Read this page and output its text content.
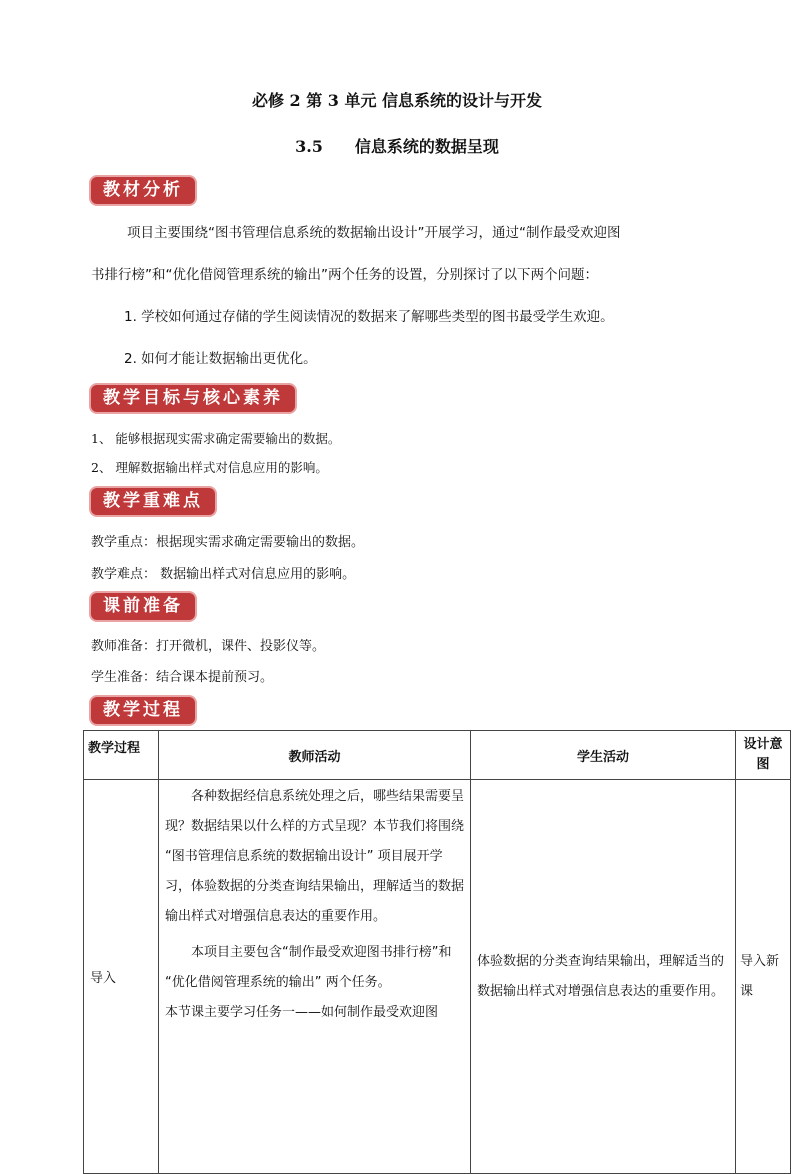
必修 2 第 3 单元 信息系统的设计与开发
3.5　　信息系统的数据呈现
教材分析
项目主要围绕“图书管理信息系统的数据输出设计”开展学习，通过“制作最受欢迎图
书排行榜”和“优化借阅管理系统的输出”两个任务的设置，分别探讨了以下两个问题：
1. 学校如何通过存储的学生阅读情况的数据来了解哪些类型的图书最受学生欢迎。
2. 如何才能让数据输出更优化。
教学目标与核心素养
1、 能够根据现实需求确定需要输出的数据。
2、 理解数据输出样式对信息应用的影响。
教学重难点
教学重点：根据现实需求确定需要输出的数据。
教学难点： 数据输出样式对信息应用的影响。
课前准备
教师准备：打开微机，课件、投影仪等。
学生准备：结合课本提前预习。
教学过程
教学过程	教师活动	学生活动	设计意图
导入	各种数据经信息系统处理之后，哪些结果需要呈现？数据结果以什么样的方式呈现？本节我们将围绕 “图书管理信息系统的数据输出设计” 项目展开学习，体验数据的分类查询结果输出，理解适当的数据输出样式对增强信息表达的重要作用。

本项目主要包含“制作最受欢迎图书排行榜”和 “优化借阅管理系统的输出” 两个任务。

本节课主要学习任务一——如何制作最受欢迎图	体验数据的分类查询结果输出，理解适当的数据输出样式对增强信息表达的重要作用。	导入新课
